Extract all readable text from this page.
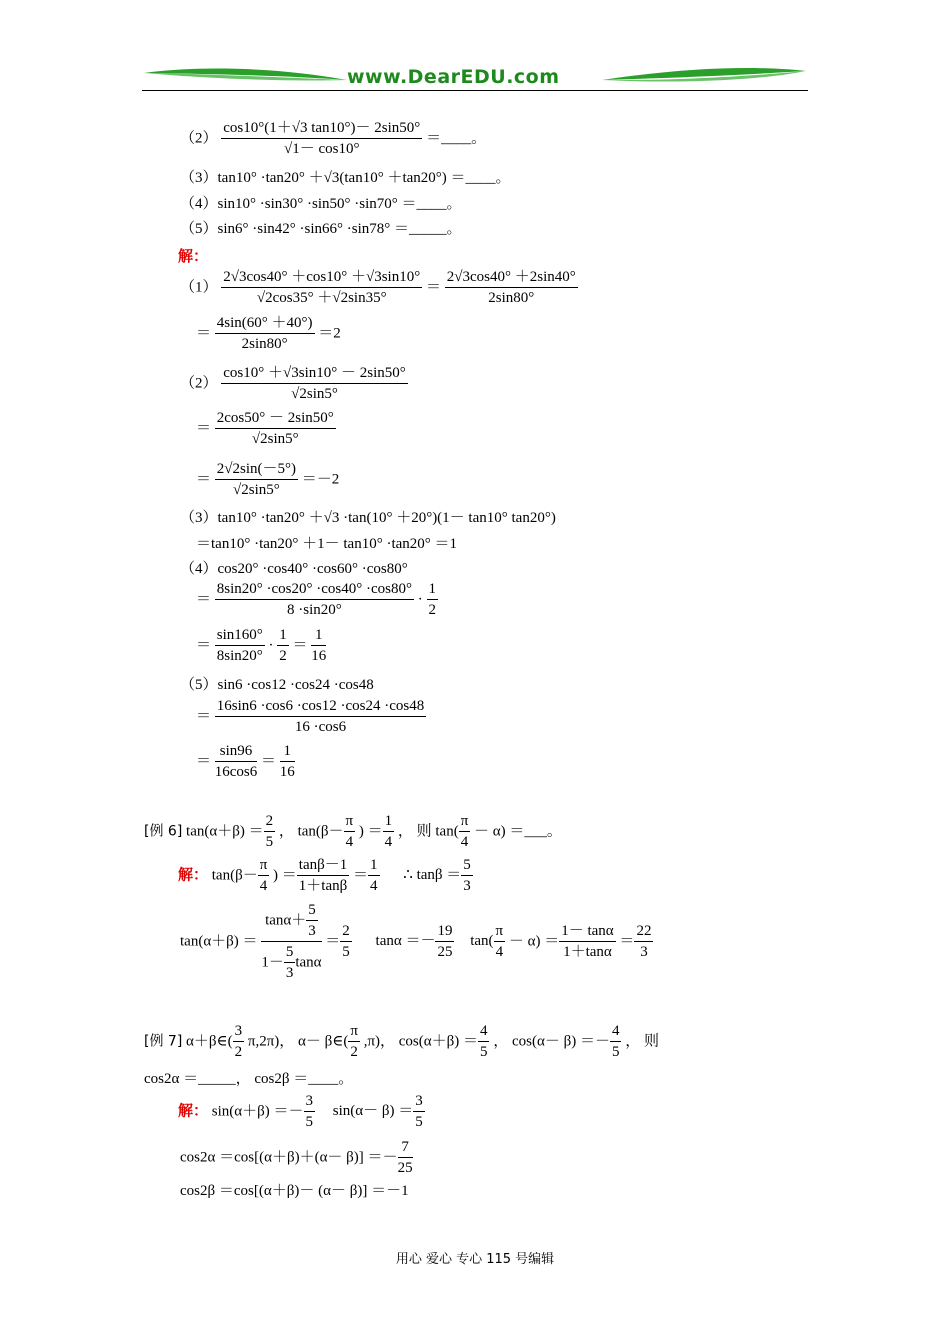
www.DearEDU.com
$(2) \frac{\cos 10^\circ(1+√3 \tan 10^\circ)- 2\sin 50^\circ}{√1- \cos 10^\circ}$ ＝____。
（3）tan10° ·tan20° ＋√3(tan10° ＋tan20°) ＝____。
（4）sin10° ·sin30° ·sin50° ·sin70° ＝____。
（5）sin6° ·sin42° ·sin66° ·sin78° ＝_____。
解：
$(1) \frac{2√3\cos 40^\circ +\cos 10^\circ +√3\sin 10^\circ}{√2\cos 35^\circ +√2\sin 35^\circ} = \frac{2√3\cos 40^\circ +2\sin 40^\circ}{2\sin 80^\circ}$
＝ $\frac{4\sin(60^\circ +40^\circ)}{2\sin 80^\circ} =2$
$(2) \frac{\cos 10^\circ +√3\sin 10^\circ - 2\sin 50^\circ}{√2\sin 5^\circ}$
＝ $\frac{2\cos 50^\circ - 2\sin 50^\circ}{√2\sin 5^\circ}$
＝ $\frac{2√2\sin(-5^\circ)}{√2\sin 5^\circ} =-2$
（3）tan10° ·tan20° ＋√3 ·tan(10° ＋20°)(1－ tan10° tan20°)
＝tan10° ·tan20° ＋1－ tan10° ·tan20° ＝1
（4）cos20° ·cos40° ·cos60° ·cos80°
＝ $\frac{8\sin 20^\circ \cdot\cos 20^\circ \cdot\cos 40^\circ \cdot\cos 80^\circ}{8 \cdot\sin 20^\circ} \cdot \frac{1}{2}$
＝ $\frac{\sin 160^\circ}{8\sin 20^\circ} \cdot \frac{1}{2} = \frac{1}{16}$
（5）sin6 ·cos12 ·cos24 ·cos48
＝ $\frac{16\sin 6 \cdot\cos 6 \cdot\cos 12 \cdot\cos 24 \cdot\cos 48}{16 \cdot\cos 6}$
＝ $\frac{\sin 96}{16\cos 6} = \frac{1}{16}$
[例 6] $\tan(\alpha+\beta) = \frac{2}{5}$ ， $\tan(\beta- \frac{\pi}{4}$ ) ＝ $\frac{1}{4}$ ， 则 $\tan( \frac{\pi}{4} - \alpha)$ ＝___。
解： $\tan(\beta- \frac{\pi}{4}$ ) ＝ $\frac{\tan\beta-1}{1+\tan\beta} = \frac{1}{4}$ ∴ $\tan\beta = \frac{5}{3}$
$\tan(\alpha+\beta) = \frac{\tan\alpha+ \frac{5}{3}}{1- \frac{5}{3} \tan\alpha} = \frac{2}{5}$ $\tan\alpha =- \frac{19}{25} \tan( \frac{\pi}{4} - \alpha) = \frac{1- \tan\alpha}{1+\tan\alpha} = \frac{22}{3}$
[例 7] α＋β∈( $\frac{3}{2} \pi,2\pi$)， α－ β∈( $\frac{\pi}{2} ,\pi$)， $\cos(\alpha+\beta) = \frac{4}{5}$ ， $\cos(\alpha- \beta) =- \frac{4}{5}$ ， 则
cos2α ＝_____， cos2β ＝____。
解： $\sin(\alpha+\beta) =- \frac{3}{5} \sin(\alpha- \beta) = \frac{3}{5}$
$\cos 2\alpha =\cos[(\alpha+\beta)+(\alpha- \beta)] =- \frac{7}{25}$
cos2β ＝cos[(α＋β)－ (α－ β)] ＝－1
用心 爱心 专心 115 号编辑
